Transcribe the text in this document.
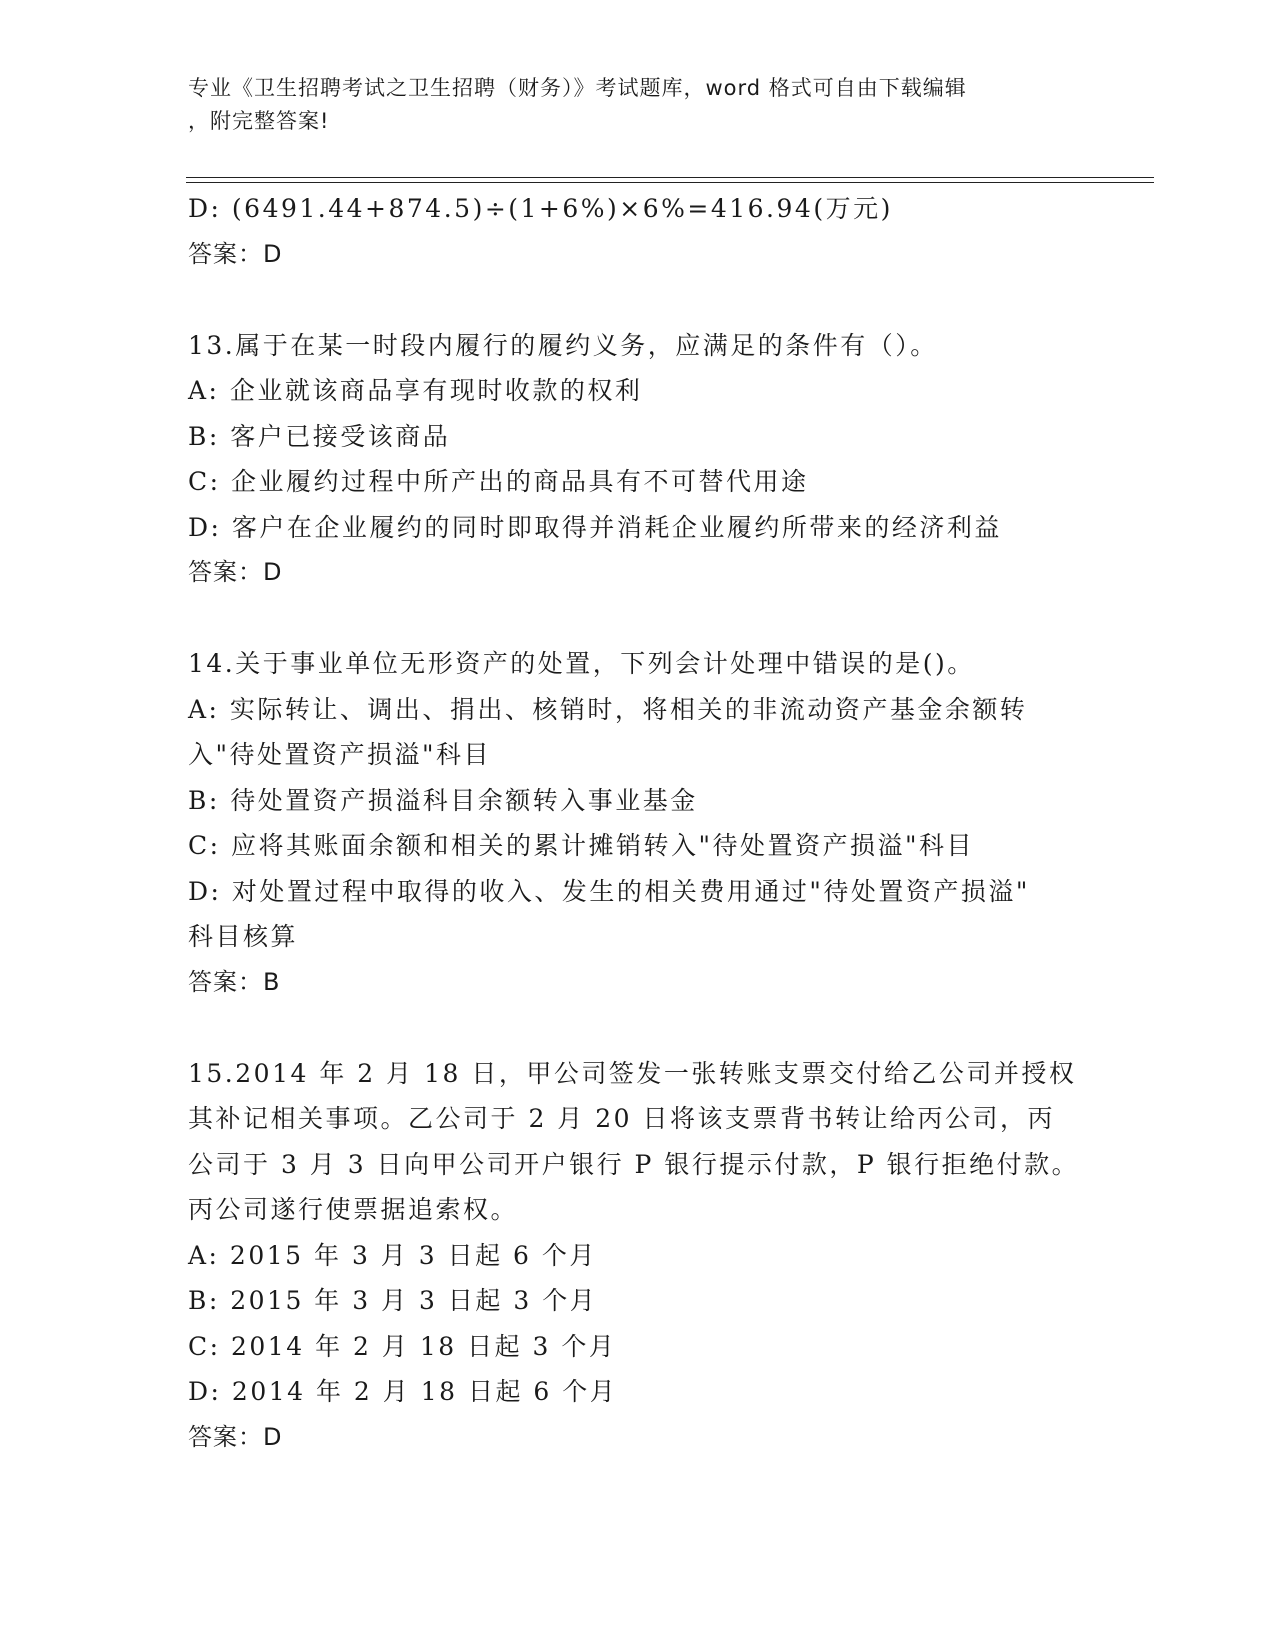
专业《卫生招聘考试之卫生招聘（财务）》考试题库，word 格式可自由下载编辑
，附完整答案!
D: (6491.44+874.5)÷(1+6%)×6%=416.94(万元)
答案：D
13.属于在某一时段内履行的履约义务，应满足的条件有（）。
A: 企业就该商品享有现时收款的权利
B: 客户已接受该商品
C: 企业履约过程中所产出的商品具有不可替代用途
D: 客户在企业履约的同时即取得并消耗企业履约所带来的经济利益
答案：D
14.关于事业单位无形资产的处置，下列会计处理中错误的是()。
A: 实际转让、调出、捐出、核销时，将相关的非流动资产基金余额转
入"待处置资产损溢"科目
B: 待处置资产损溢科目余额转入事业基金
C: 应将其账面余额和相关的累计摊销转入"待处置资产损溢"科目
D: 对处置过程中取得的收入、发生的相关费用通过"待处置资产损溢"
科目核算
答案：B
15.2014 年 2 月 18 日，甲公司签发一张转账支票交付给乙公司并授权
其补记相关事项。乙公司于 2 月 20 日将该支票背书转让给丙公司，丙
公司于 3 月 3 日向甲公司开户银行 P 银行提示付款，P 银行拒绝付款。
丙公司遂行使票据追索权。
A: 2015 年 3 月 3 日起 6 个月
B: 2015 年 3 月 3 日起 3 个月
C: 2014 年 2 月 18 日起 3 个月
D: 2014 年 2 月 18 日起 6 个月
答案：D
